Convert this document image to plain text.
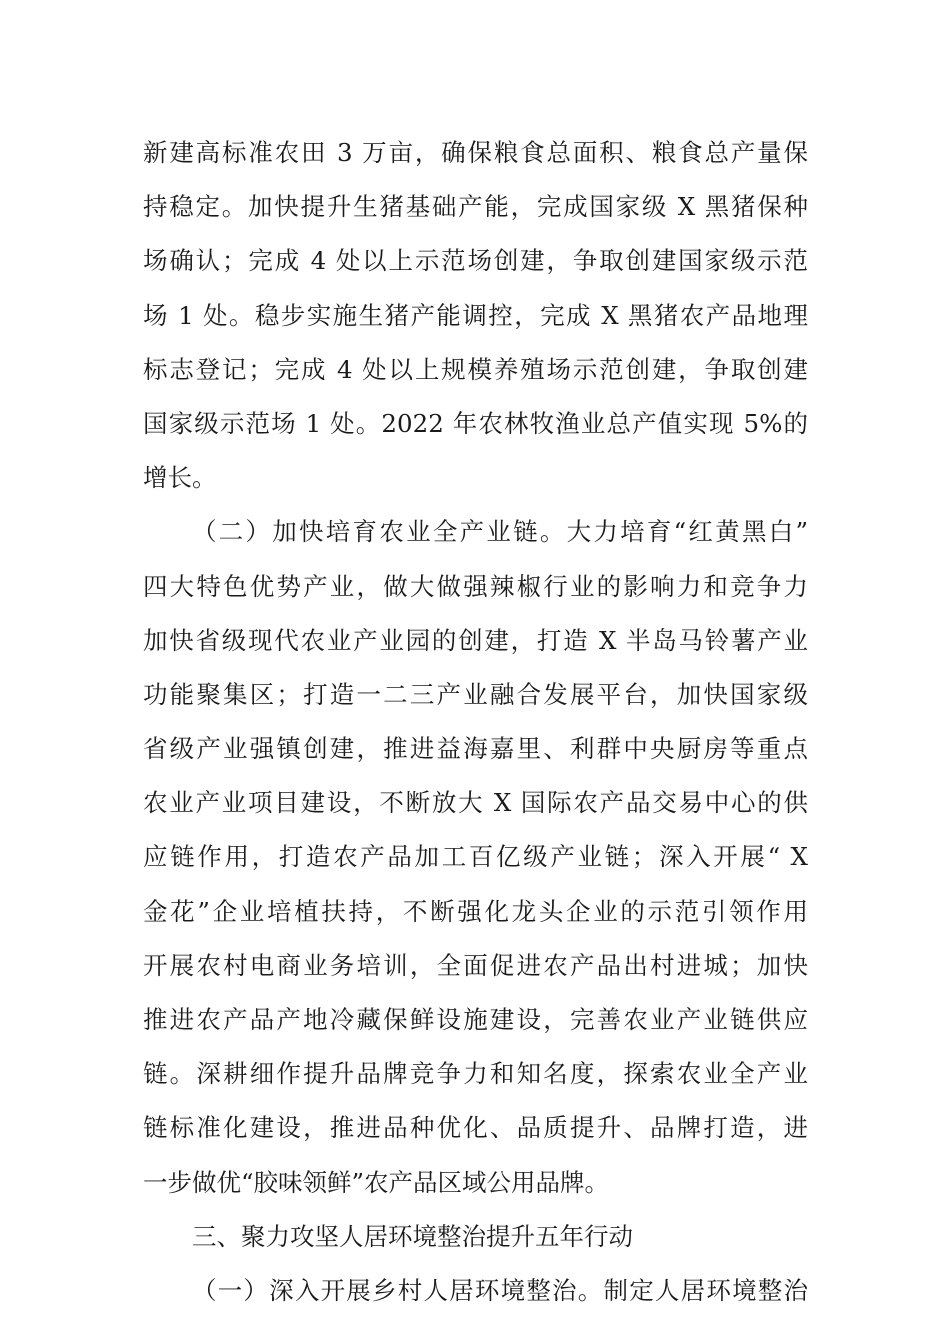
新建高标准农田 3 万亩，确保粮食总面积、粮食总产量保
持稳定。加快提升生猪基础产能，完成国家级 X 黑猪保种
场确认；完成 4 处以上示范场创建，争取创建国家级示范
场 1 处。稳步实施生猪产能调控，完成 X 黑猪农产品地理
标志登记；完成 4 处以上规模养殖场示范创建，争取创建
国家级示范场 1 处。2022 年农林牧渔业总产值实现 5%的
增长。
（二）加快培育农业全产业链。大力培育“红黄黑白”
四大特色优势产业，做大做强辣椒行业的影响力和竞争力
加快省级现代农业产业园的创建，打造 X 半岛马铃薯产业
功能聚集区；打造一二三产业融合发展平台，加快国家级
省级产业强镇创建，推进益海嘉里、利群中央厨房等重点
农业产业项目建设，不断放大 X 国际农产品交易中心的供
应链作用，打造农产品加工百亿级产业链；深入开展“ X
金花”企业培植扶持，不断强化龙头企业的示范引领作用
开展农村电商业务培训，全面促进农产品出村进城；加快
推进农产品产地冷藏保鲜设施建设，完善农业产业链供应
链。深耕细作提升品牌竞争力和知名度，探索农业全产业
链标准化建设，推进品种优化、品质提升、品牌打造，进
一步做优“胶味领鲜”农产品区域公用品牌。
三、聚力攻坚人居环境整治提升五年行动
（一）深入开展乡村人居环境整治。制定人居环境整治
